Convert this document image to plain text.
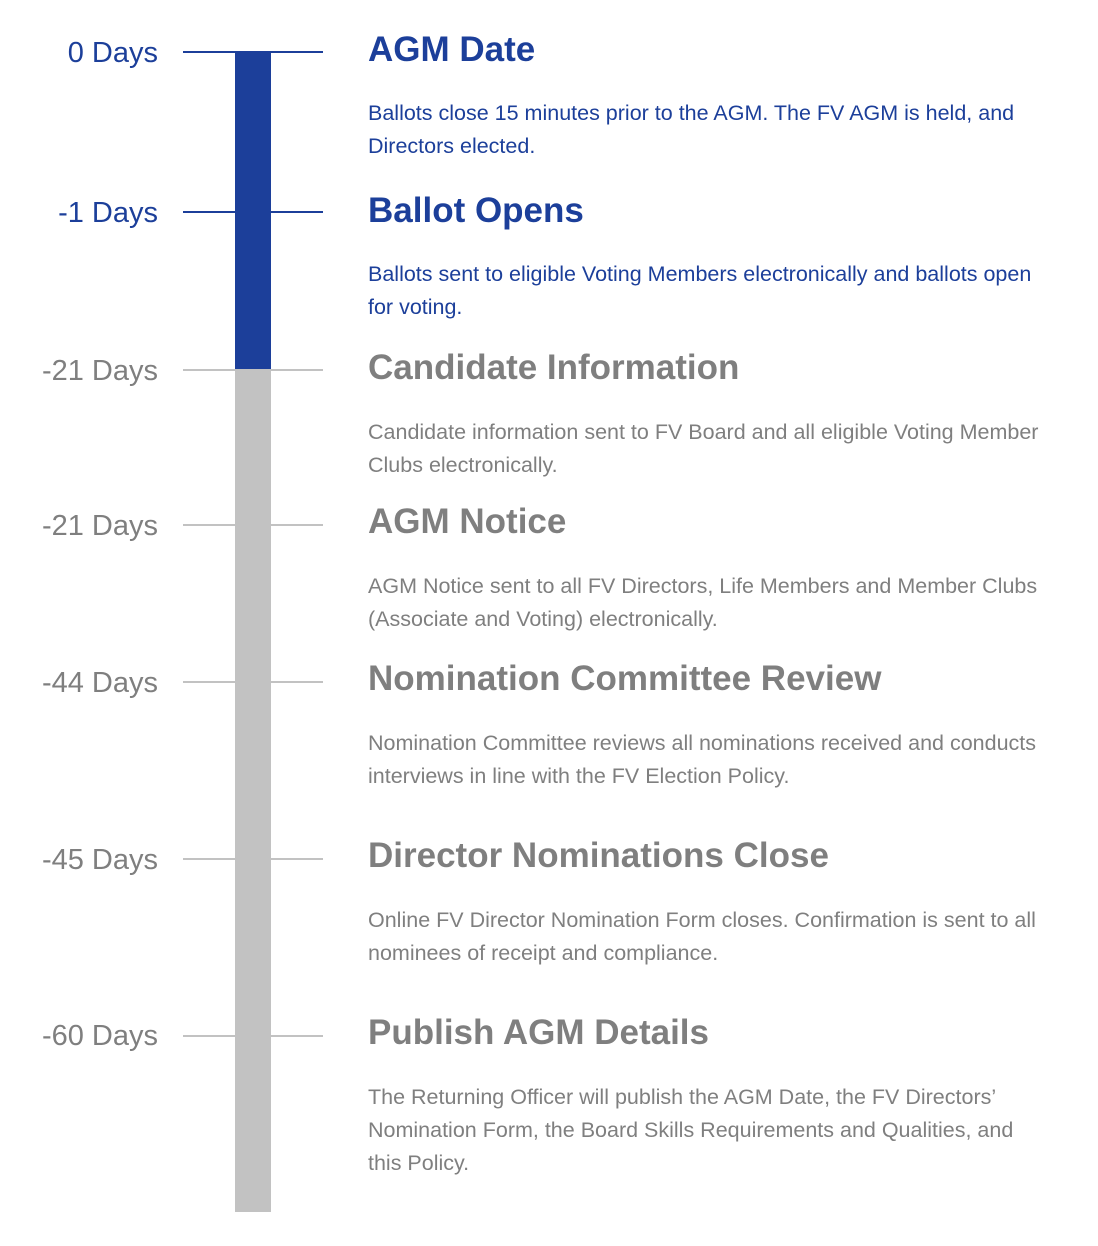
0 Days	AGM Date
Ballots close 15 minutes prior to the AGM. The FV AGM is held, and Directors elected.
-1 Days	Ballot Opens
Ballots sent to eligible Voting Members electronically and ballots open for voting.
-21 Days	Candidate Information
Candidate information sent to FV Board and all eligible Voting Member Clubs electronically.
-21 Days	AGM Notice
AGM Notice sent to all FV Directors, Life Members and Member Clubs (Associate and Voting) electronically.
-44 Days	Nomination Committee Review
Nomination Committee reviews all nominations received and conducts interviews in line with the FV Election Policy.
-45 Days	Director Nominations Close
Online FV Director Nomination Form closes. Confirmation is sent to all nominees of receipt and compliance.
-60 Days	Publish AGM Details
The Returning Officer will publish the AGM Date, the FV Directors’ Nomination Form, the Board Skills Requirements and Qualities, and this Policy.
